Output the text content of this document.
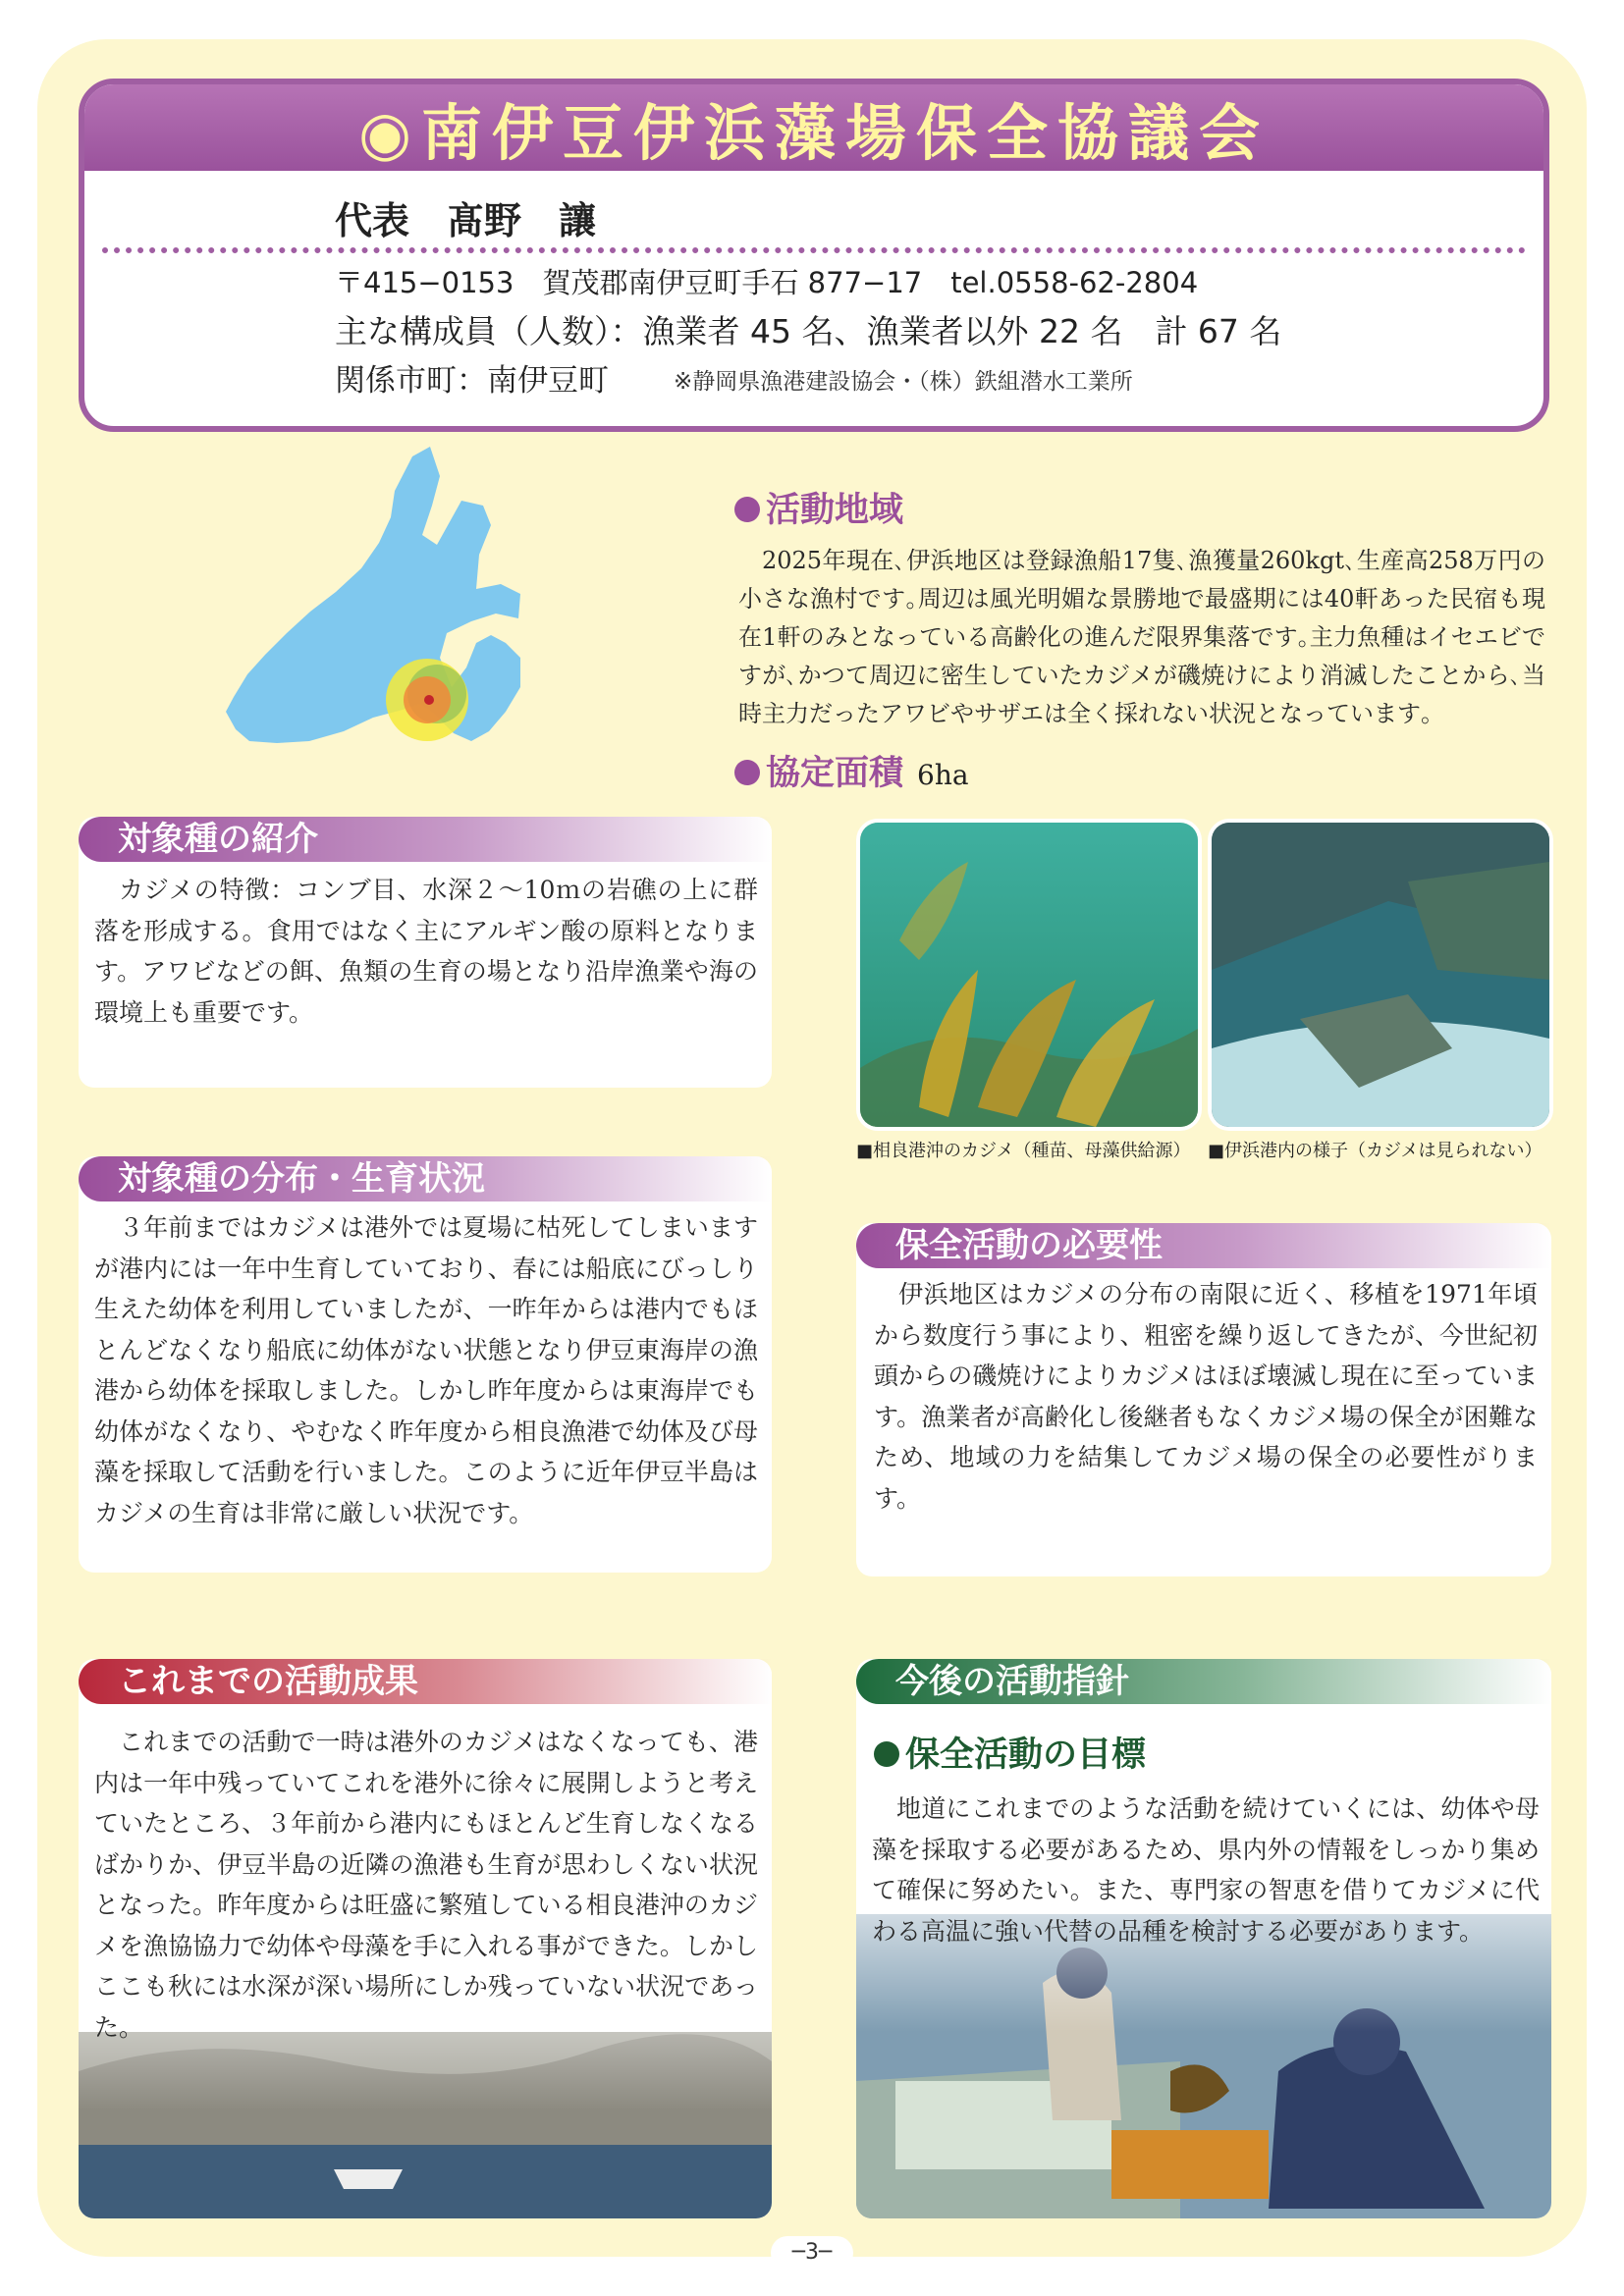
◉南伊豆伊浜藻場保全協議会
代表　髙野　讓
〒415−0153　賀茂郡南伊豆町手石 877−17　tel.0558-62-2804
主な構成員（人数）：漁業者 45 名、漁業者以外 22 名　計 67 名
関係市町：南伊豆町	※静岡県漁港建設協会・（株）鉄組潜水工業所
活動地域
2025年現在､伊浜地区は登録漁船17隻､漁獲量260kgt､生産高258万円の小さな漁村です｡周辺は風光明媚な景勝地で最盛期には40軒あった民宿も現在1軒のみとなっている高齢化の進んだ限界集落です｡主力魚種はイセエビですが､かつて周辺に密生していたカジメが磯焼けにより消滅したことから､当時主力だったアワビやサザエは全く採れない状況となっています｡
協定面積 6ha
対象種の紹介
カジメの特徴：コンブ目、水深２～10ｍの岩礁の上に群落を形成する。食用ではなく主にアルギン酸の原料となります。アワビなどの餌、魚類の生育の場となり沿岸漁業や海の環境上も重要です。
■相良港沖のカジメ（種苗、母藻供給源） ■伊浜港内の様子（カジメは見られない）
対象種の分布・生育状況
３年前まではカジメは港外では夏場に枯死してしまいますが港内には一年中生育していており、春には船底にびっしり生えた幼体を利用していましたが、一昨年からは港内でもほとんどなくなり船底に幼体がない状態となり伊豆東海岸の漁港から幼体を採取しました。しかし昨年度からは東海岸でも幼体がなくなり、やむなく昨年度から相良漁港で幼体及び母藻を採取して活動を行いました。このように近年伊豆半島はカジメの生育は非常に厳しい状況です。
保全活動の必要性
伊浜地区はカジメの分布の南限に近く、移植を1971年頃から数度行う事により、粗密を繰り返してきたが、今世紀初頭からの磯焼けによりカジメはほぼ壊滅し現在に至っています。漁業者が高齢化し後継者もなくカジメ場の保全が困難なため、地域の力を結集してカジメ場の保全の必要性がります。
これまでの活動成果
これまでの活動で一時は港外のカジメはなくなっても、港内は一年中残っていてこれを港外に徐々に展開しようと考えていたところ、３年前から港内にもほとんど生育しなくなるばかりか、伊豆半島の近隣の漁港も生育が思わしくない状況となった。昨年度からは旺盛に繁殖している相良港沖のカジメを漁協協力で幼体や母藻を手に入れる事ができた。しかしここも秋には水深が深い場所にしか残っていない状況であった。
今後の活動指針
保全活動の目標
地道にこれまでのような活動を続けていくには、幼体や母藻を採取する必要があるため、県内外の情報をしっかり集めて確保に努めたい。また、専門家の智恵を借りてカジメに代わる高温に強い代替の品種を検討する必要があります。
─3─
